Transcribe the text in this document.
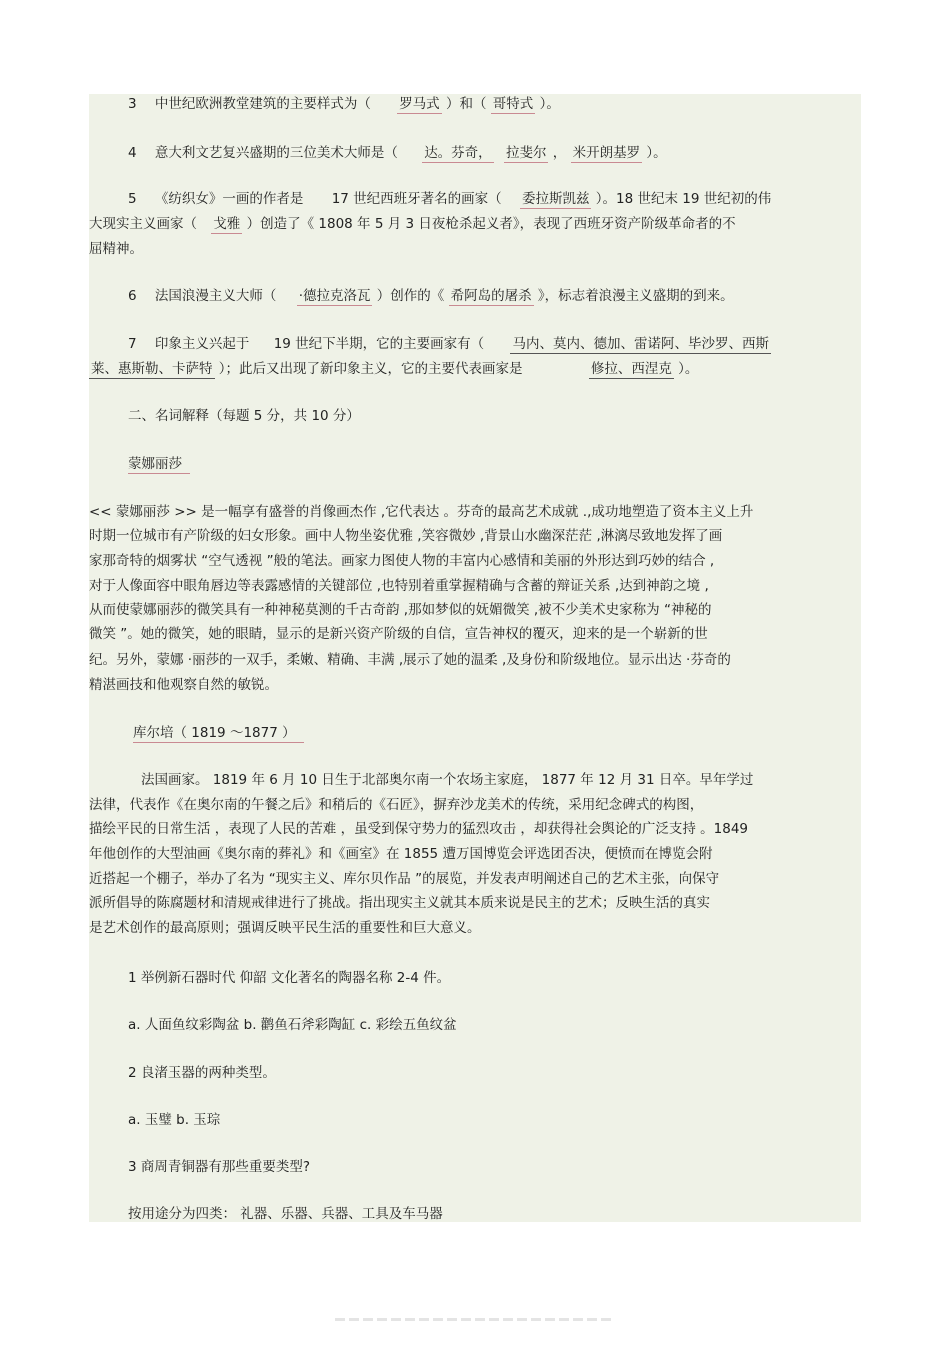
3 中世纪欧洲教堂建筑的主要样式为（ 罗马式 ）和（ 哥特式 ）。
4 意大利文艺复兴盛期的三位美术大师是（ 达。芬奇， 拉斐尔 ， 米开朗基罗 ）。
5 《纺织女》一画的作者是 17 世纪西班牙著名的画家（ 委拉斯凯兹 ）。18 世纪末 19 世纪初的伟
大现实主义画家（ 戈雅 ）创造了《 1808 年 5 月 3 日夜枪杀起义者》，表现了西班牙资产阶级革命者的不
屈精神。
6 法国浪漫主义大师（ ·德拉克洛瓦 ）创作的《 希阿岛的屠杀 》，标志着浪漫主义盛期的到来。
7 印象主义兴起于 19 世纪下半期，它的主要画家有（ 马内、莫内、德加、雷诺阿、毕沙罗、西斯
莱、惠斯勒、卡萨特 ）；此后又出现了新印象主义，它的主要代表画家是	修拉、西涅克 ）。
二、名词解释（每题 5 分，共 10 分）
蒙娜丽莎
<< 蒙娜丽莎 >> 是一幅享有盛誉的肖像画杰作 ,它代表达 。芬奇的最高艺术成就 .,成功地塑造了资本主义上升
时期一位城市有产阶级的妇女形象。画中人物坐姿优雅 ,笑容微妙 ,背景山水幽深茫茫 ,淋漓尽致地发挥了画
家那奇特的烟雾状 “空气透视 ”般的笔法。画家力图使人物的丰富内心感情和美丽的外形达到巧妙的结合 ,
对于人像面容中眼角唇边等表露感情的关键部位 ,也特别着重掌握精确与含蓄的辩证关系 ,达到神韵之境 ,
从而使蒙娜丽莎的微笑具有一种神秘莫测的千古奇韵 ,那如梦似的妩媚微笑 ,被不少美术史家称为 “神秘的
微笑 ”。她的微笑，她的眼睛，显示的是新兴资产阶级的自信，宣告神权的覆灭，迎来的是一个崭新的世
纪。另外，蒙娜 ·丽莎的一双手，柔嫩、精确、丰满 ,展示了她的温柔 ,及身份和阶级地位。显示出达 ·芬奇的
精湛画技和他观察自然的敏锐。
库尔培（ 1819 ～1877 ）
法国画家。 1819 年 6 月 10 日生于北部奥尔南一个农场主家庭， 1877 年 12 月 31 日卒。早年学过
法律，代表作《在奥尔南的午餐之后》和稍后的《石匠》，摒弃沙龙美术的传统，采用纪念碑式的构图，
描绘平民的日常生活 ，表现了人民的苦难 ，虽受到保守势力的猛烈攻击 ，却获得社会舆论的广泛支持 。1849
年他创作的大型油画《奥尔南的葬礼》和《画室》在 1855 遭万国博览会评选团否决，便愤而在博览会附
近搭起一个棚子，举办了名为 “现实主义、库尔贝作品 ”的展览，并发表声明阐述自己的艺术主张，向保守
派所倡导的陈腐题材和清规戒律进行了挑战。指出现实主义就其本质来说是民主的艺术；反映生活的真实
是艺术创作的最高原则；强调反映平民生活的重要性和巨大意义。
1 举例新石器时代 仰韶 文化著名的陶器名称 2-4 件。
a. 人面鱼纹彩陶盆 b. 鹳鱼石斧彩陶缸 c. 彩绘五鱼纹盆
2 良渚玉器的两种类型。
a. 玉璧 b. 玉琮
3 商周青铜器有那些重要类型?
按用途分为四类： 礼器、乐器、兵器、工具及车马器
